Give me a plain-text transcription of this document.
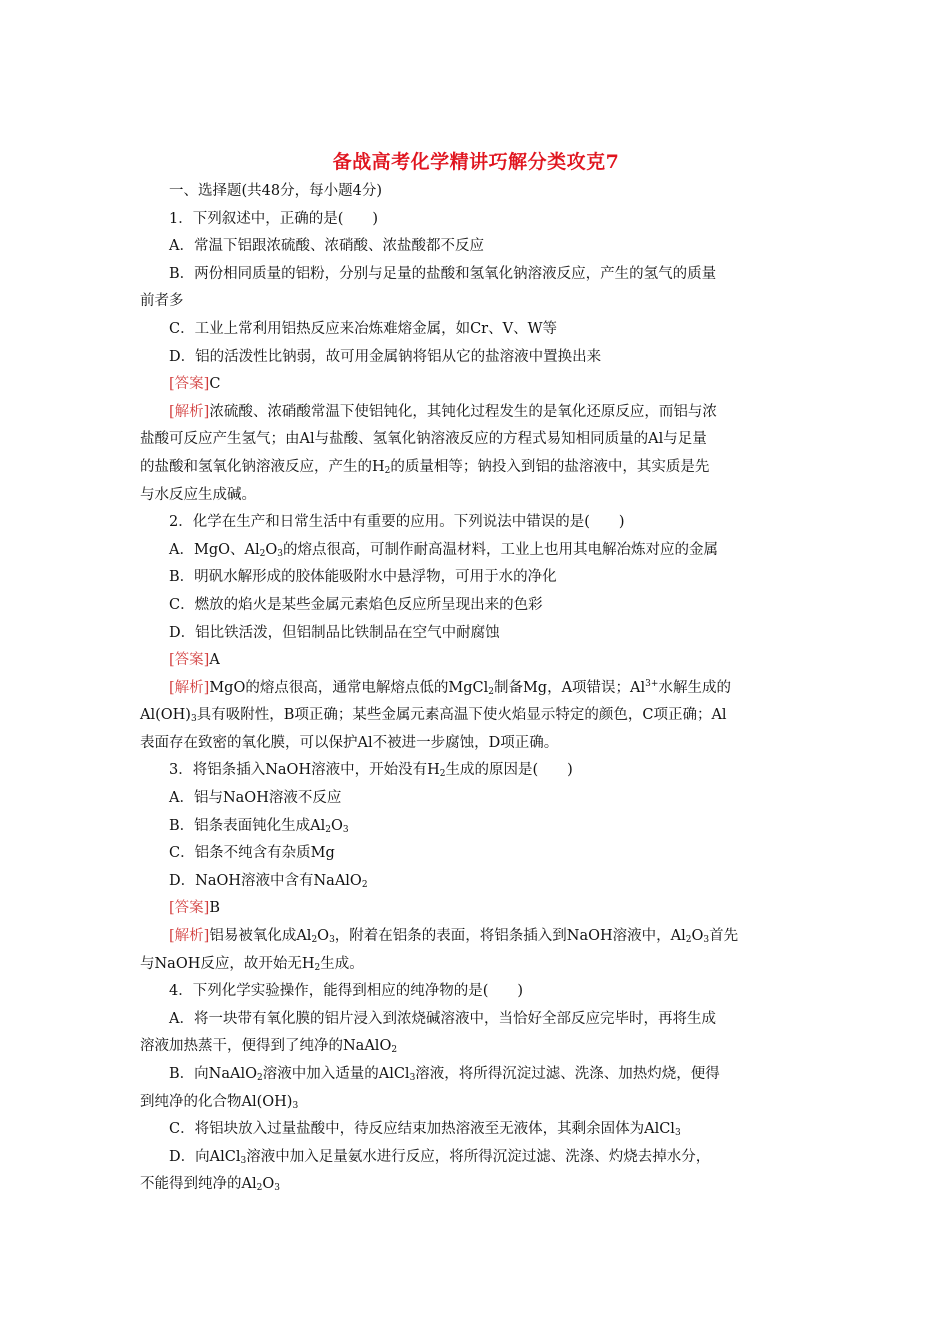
备战高考化学精讲巧解分类攻克7

一、选择题(共48分，每小题4分)

1．下列叙述中，正确的是(　　)

A．常温下铝跟浓硫酸、浓硝酸、浓盐酸都不反应

B．两份相同质量的铝粉，分别与足量的盐酸和氢氧化钠溶液反应，产生的氢气的质量

前者多

C．工业上常利用铝热反应来冶炼难熔金属，如Cr、V、W等

D．铝的活泼性比钠弱，故可用金属钠将铝从它的盐溶液中置换出来

[答案]C

[解析]浓硫酸、浓硝酸常温下使铝钝化，其钝化过程发生的是氧化还原反应，而铝与浓

盐酸可反应产生氢气；由Al与盐酸、氢氧化钠溶液反应的方程式易知相同质量的Al与足量

的盐酸和氢氧化钠溶液反应，产生的$H_2$的质量相等；钠投入到铝的盐溶液中，其实质是先

与水反应生成碱。

2．化学在生产和日常生活中有重要的应用。下列说法中错误的是(　　)

A．MgO、$Al_2O_3$的熔点很高，可制作耐高温材料，工业上也用其电解冶炼对应的金属

B．明矾水解形成的胶体能吸附水中悬浮物，可用于水的净化

C．燃放的焰火是某些金属元素焰色反应所呈现出来的色彩

D．铝比铁活泼，但铝制品比铁制品在空气中耐腐蚀

[答案]A

[解析]MgO的熔点很高，通常电解熔点低的MgCl$_2$制备Mg，A项错误；$Al^{3+}$水解生成的

$Al(OH)_3$具有吸附性，B项正确；某些金属元素高温下使火焰显示特定的颜色，C项正确；Al

表面存在致密的氧化膜，可以保护Al不被进一步腐蚀，D项正确。

3．将铝条插入NaOH溶液中，开始没有$H_2$生成的原因是(　　)

A．铝与NaOH溶液不反应

B．铝条表面钝化生成$Al_2O_3$

C．铝条不纯含有杂质Mg

D．NaOH溶液中含有NaAlO$_2$

[答案]B

[解析]铝易被氧化成$Al_2O_3$，附着在铝条的表面，将铝条插入到NaOH溶液中，$Al_2O_3$首先

与NaOH反应，故开始无$H_2$生成。

4．下列化学实验操作，能得到相应的纯净物的是(　　)

A．将一块带有氧化膜的铝片浸入到浓烧碱溶液中，当恰好全部反应完毕时，再将生成

溶液加热蒸干，便得到了纯净的NaAlO$_2$

B．向NaAlO$_2$溶液中加入适量的AlCl$_3$溶液，将所得沉淀过滤、洗涤、加热灼烧，便得

到纯净的化合物$Al(OH)_3$

C．将铝块放入过量盐酸中，待反应结束加热溶液至无液体，其剩余固体为AlCl$_3$

D．向AlCl$_3$溶液中加入足量氨水进行反应，将所得沉淀过滤、洗涤、灼烧去掉水分，

不能得到纯净的$Al_2O_3$
